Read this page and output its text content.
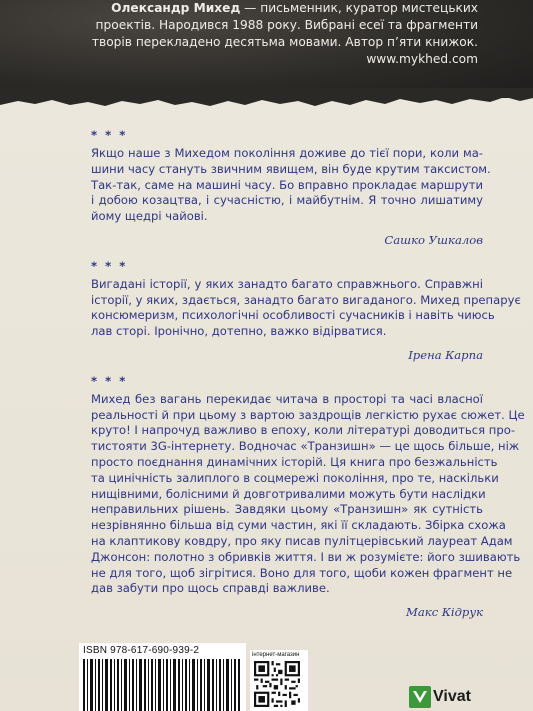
Олександр Михед — письменник, куратор мистецьких
проектів. Народився 1988 року. Вибрані есеї та фрагменти
творів перекладено десятьма мовами. Автор п’яти книжок.
www.mykhed.com
* * *
Якщо наше з Михедом покоління доживе до тієї пори, коли ма-
шини часу стануть звичним явищем, він буде крутим таксистом.
Так-так, саме на машині часу. Бо вправно прокладає маршрути
і добою козацтва, і сучасністю, і майбутнім. Я точно лишатиму
йому щедрі чайові.
Сашко Ушкалов
* * *
Вигадані історії, у яких занадто багато справжнього. Справжні
історії, у яких, здається, занадто багато вигаданого. Михед препарує
консюмеризм, психологічні особливості сучасників і навіть чиюсь
лав сторі. Іронічно, дотепно, важко відірватися.
Ірена Карпа
* * *
Михед без вагань перекидає читача в просторі та часі власної
реальності й при цьому з вартою заздрощів легкістю рухає сюжет. Це
круто! І напрочуд важливо в епоху, коли літературі доводиться про-
тистояти 3G-інтернету. Водночас «Транзишн» — це щось більше, ніж
просто поєднання динамічних історій. Ця книга про безжальність
та цинічність залиплого в соцмережі покоління, про те, наскільки
нищівними, болісними й довготривалими можуть бути наслідки
неправильних рішень. Завдяки цьому «Транзишн» як сутність
незрівнянно більша від суми частин, які її складають. Збірка схожа
на клаптикову ковдру, про яку писав пулітцерівський лауреат Адам
Джонсон: полотно з обривків життя. І ви ж розумієте: його зшивають
не для того, щоб зігрітися. Воно для того, щоби кожен фрагмент не
дав забути про щось справді важливе.
Макс Кідрук
ISBN 978-617-690-939-2	інтернет-магазин
Vivat
